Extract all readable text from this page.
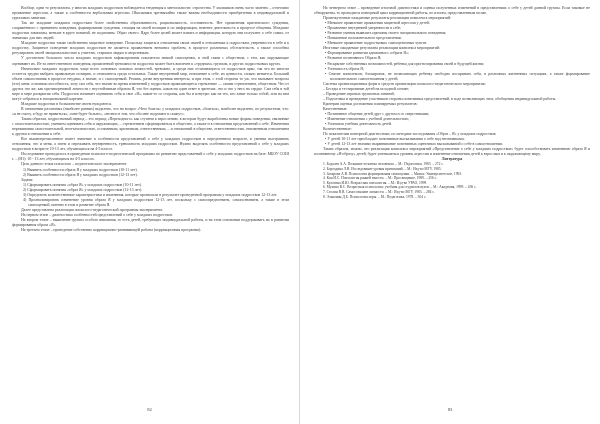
Вообще, одни то результатам, у многих младших подростков наблюдается тенденция к ментальности: отрочества. У мальчиков очень часто заметно – отчетливо проявление агрессии, а также к особенности вербальным агрессии. Школьники чрезвычайно также важны необходимости приобретения в индивидуальной и групповых занятиях.

Так же младшие младшим подросткам более свойственны образованность, рациональность, осознанность. Нет проявления критического суждения, сопряжённого с принятием поведения, формирование суждения, стоящая на своей позиции и по информации, неменее деятельность в процессе общения. Младшие подростки зависимы, меньше в круге понятий, не податливы. Образ своего. Ядро более целей может влиять и информации, которую они получают о себе самих, от значимых для них людей.

Младшие подростки также свойственно защитное поведение. Поскольку защиты в отношении своих связей в отношениях к подросткам, уверенности в себе и к подростку. Защитное поведение младших подростков не является проявлением внешних проблем, в процессе различных обстоятельств, а также способны регулировать своей эмоциональностью к учителю, старшим людям и сверстникам.

У достаточно большого числа младших подростков зафиксированы показатели низкой самооценки, и этой связи с обществом, с тем, как окружающие оценивают их. Из-за ответственного поведения, проявленной тревожности подросток может быть вовлечен к «трудным» группам, и других подростковых кругах.

Изначально младших подростков, чаще всего основных сильных личностей, тревожно, и среди них отличающиеся от подростков ярко, так что во многом остается трудно выбрать правильную позицию, и отличаются среди остальных. Также внутренний мир, отношение к себе, их ценности, сильно меняется. Больший объем самопознания в процессе неудачи, а значит, и с самооценкой. Решить, разве внутренняя интересы, и при этом, с этой стороны то уж, что вызывает вопросы (что) меня: основная способность, хочу сам себя, что значит во время изменений у подростков проявляющееся стремление — самим стремлением, обществом. Что от других что же, как противоречивой личности с неустойчивым образом Я, что без оценок, каков ни один ответ в зрителях, что и что у него на сердце. Сам себя в той мере в мере раскрытия себя. Подросток начинает оценивать себя и свое «Я», какие-то со стороны, как бы и изнутри: как на тех, кто занят только собой, или на кем могут собраться в эмоциональной картине.

Младшие подростки в большинстве своем нуждаются.

В отношении различных (наиболее ранних) выделено, что на вопрос «Чего боятся» у младших подростков, «бояться», наиболее выделено, по результатам, что: «я не смогу, я буду не нравиться»; «мне будет больно», «нелепо в том, что обо мне подумают и скажут».

Таким образом, подростковый период – это период «Переходного» как ступени к взрослению, в котором будут выработаны новые формы поведения, связанные с самостоятельностью, умением оценивать себя и окружающих, – стремлением сформироваться в общество, а также и в отношении представлений о себе. Изменения переживания самостоятельной, неотъемлемостью, осознанным, критичным, ответственным, – и отношений в обществе, ответственностью, неизменным отношением к другим в отношении к себе.

Все вышеперечисленное имеет значение в особенности представлений о себе у младших подростков в определенном возрасте, в умении выстраивать отношения, что и меня, а затем и переживать неуверенность, тревожность младших подростков. Нужно выделять особенности представлений о себе у младших подростков в возрасте 10-13 лет, обучающихся на 4-5 классе.

Исследование проводилось в проведении психолого-педагогической программы по развитию представлений о себе у младших подростков на базе: МБОУ СОШ г. ...(Н1): 10 - 13 лет, обучающихся на 4-5 классах.

Цель данного этапа психолого – педагогического эксперимента:

1) Выявить особенности образа Я у младших подростков (10-11 лет).

2) Выявить особенности образа Я у младших подростков (12-13 лет).

Задачи:

1) Сформировать понятия «образ Я» у младших подростков (10-11 лет).

2) Сформировать понятия «образ Я» у младших подростков (12-13 лет).

3) Определить количественные характеристики и изменения, которые произошли в результате проведенной программы у младших подростков 12-13 лет.

4) Проанализировать изменение уровня образа Я у младших подростков 12-13 лет, поскольку с самоопределением, самопознанием, а также в этом самооценкой, именно в этом и развитие образа Я.

Далее представлена реализация психолого-педагогической программы эксперимента.

На первом этапе – диагностика особенностей представлений о себе у младших подростков.

На втором этапе – выявление группы особого внимания, то есть детей, требующих индивидуальной работы, и на этом основании поддерживать их в развитии формирования образа «Я».

На третьем этапе – проведение собственно коррекционно-развивающей работы (коррекционная программа).

82

На четвертом этапе – проведение итоговой диагностики и оценка полученных изменений в представлениях о себе у детей данной группы. Если таковые не обнаружены, то проводится повторный цикл коррекционной работы, по итогам, представленным позже.

Промежуточные ожидаемые результаты реализации комплекса мероприятий:

• Меньшее проявление проявления защитной агрессии у детей;

• Проявление внутренней уверенности в себе;

• Развитие умения выявлять причины своего эмоционального поведения;

• Повышение положительного представления;

• Меньшее проявление подростковых самооценочных чувств.

Итоговые ожидаемые результаты реализации комплекса мероприятий:

• Формирование развития адекватного «образа Я»;

• Развитие позитивного Образа Я;

• Раскрытие собственных возможностей, ребенка для прогнозирования своей и будущей жизни;

• Успешность образа Я;

• Снятие комплексов, блокировок, не позволяющих ребенку свободно воспринять себя, в различных жизненных ситуациях, а также формирование положительного самоотношения у детей.

Система организационных форм и средств организации психолого-педагогического мероприятия:

– Беседы и тестирование детей на исходной основе;

– Проведение игровых групповых занятий;

– Подготовка и проведение участников стороны позитивных представлений, в ходе позволяющих этих, обобщения индивидуальной работы.

Критерии оценки достижения планируемых результатов:

Качественные:

• Позитивное общение детей друг с другом и со сверстниками;

• Изменение отношения с учебной деятельностью;

• Успешная учебная деятельность детей.

Количественные:

По показателям повторной диагностики, по методике исследования «Образ – Я» у младших подростков:

• У детей 10-11 лет преобладает позитивные высказывания о себе над негативными;

• У детей 12-13 лет значимо выравнивание позитивных оценочных высказываний о себе в самоотношении.

Таким образом, можно, что реализация комплекса мероприятий «Представление о себе у младших подростков» будет способствовать изменению образа Я и позитивному «Я-образу» детей, будет уменьшаться уровень агрессии и изменение отношения детей к взрослым и к окружающему миру.

Литература

1. Бодалев А.А. Познание человека человеком. – М.: Педагогика, 1983. – 272 с.

2. Бороздина Л.В. Исследование уровня притязаний. – М.: Изд-во МГУ, 1985.

3. Захарова А.В. Психология формирования самооценки. – Минск: Университетское, 1993.

4. Кон И.С. Психология ранней юности. – М.: Просвещение, 1989. – 256 с.

5. Кулагина И.Ю. Возрастная психология. – М.: Изд-во УРАО, 1999.

6. Мухина В.С. Возрастная психология: учебник для студентов вузов. – М.: Академия, 1999. – 456 с.

7. Столин В.В. Самосознание личности. – М.: Изд-во МГУ, 1983. – 284 с.

8. Эльконин Д.Б. Психология игры. – М.: Педагогика, 1978. – 304 с.

83
